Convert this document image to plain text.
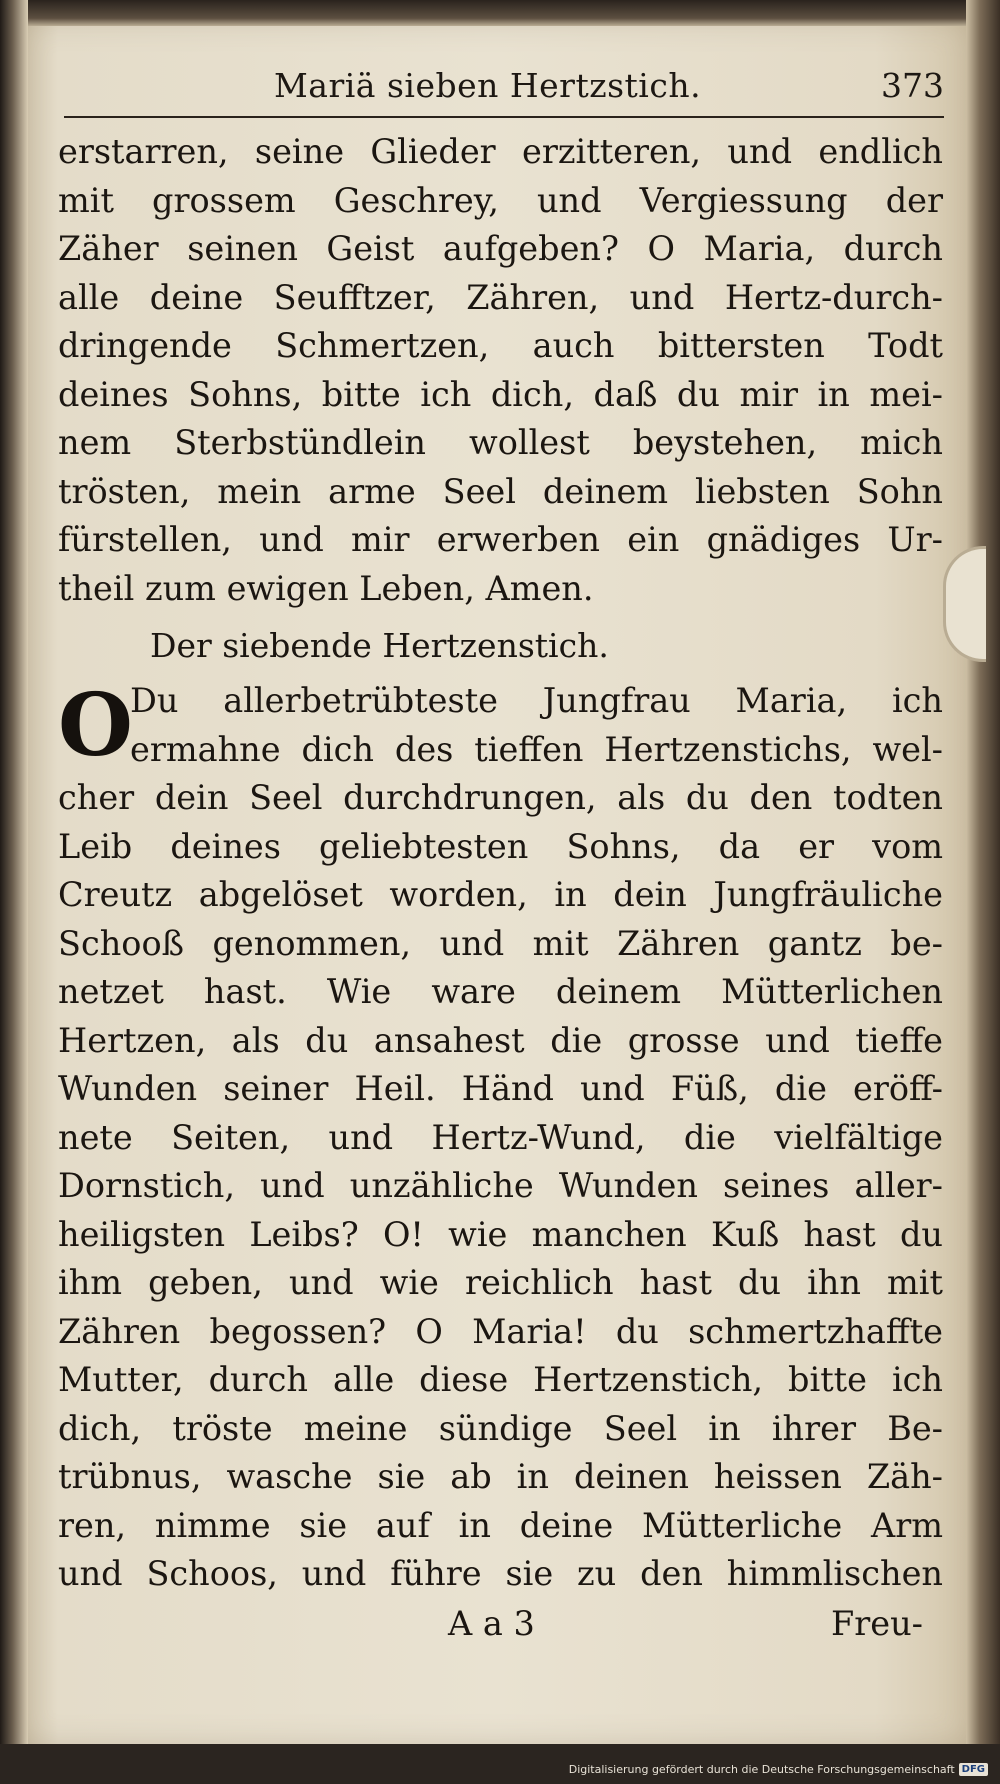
Mariä sieben Hertzstich.	373
erstarren, seine Glieder erzitteren, und endlich
mit grossem Geschrey, und Vergiessung der
Zäher seinen Geist aufgeben? O Maria, durch
alle deine Seufftzer, Zähren, und Hertz-durch-
dringende Schmertzen, auch bittersten Todt
deines Sohns, bitte ich dich, daß du mir in mei-
nem Sterbstündlein wollest beystehen, mich
trösten, mein arme Seel deinem liebsten Sohn
fürstellen, und mir erwerben ein gnädiges Ur-
theil zum ewigen Leben, Amen.
Der siebende Hertzenstich.
O
Du allerbetrübteste Jungfrau Maria, ich
ermahne dich des tieffen Hertzenstichs, wel-
cher dein Seel durchdrungen, als du den todten
Leib deines geliebtesten Sohns, da er vom
Creutz abgelöset worden, in dein Jungfräuliche
Schooß genommen, und mit Zähren gantz be-
netzet hast. Wie ware deinem Mütterlichen
Hertzen, als du ansahest die grosse und tieffe
Wunden seiner Heil. Händ und Füß, die eröff-
nete Seiten, und Hertz-Wund, die vielfältige
Dornstich, und unzähliche Wunden seines aller-
heiligsten Leibs? O! wie manchen Kuß hast du
ihm geben, und wie reichlich hast du ihn mit
Zähren begossen? O Maria! du schmertzhaffte
Mutter, durch alle diese Hertzenstich, bitte ich
dich, tröste meine sündige Seel in ihrer Be-
trübnus, wasche sie ab in deinen heissen Zäh-
ren, nimme sie auf in deine Mütterliche Arm
und Schoos, und führe sie zu den himmlischen
A a 3	Freu-
Digitalisierung gefördert durch die Deutsche Forschungsgemeinschaft DFG
